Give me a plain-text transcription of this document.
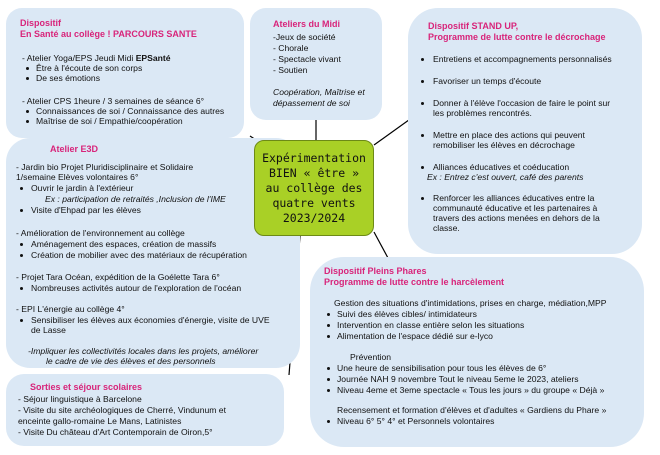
Dispositif
En Santé au collège ! PARCOURS SANTE
- Atelier Yoga/EPS Jeudi Midi EPSanté
Être à l'écoute de son corps
De ses émotions
- Atelier CPS 1heure / 3 semaines de séance 6°
Connaissances de soi / Connaissance des autres
Maîtrise de soi / Empathie/coopération
Ateliers du Midi
-Jeux de société
- Chorale
- Spectacle vivant
- Soutien
Coopération, Maîtrise et
dépassement de soi
Dispositif STAND UP,
Programme de lutte contre le décrochage
Entretiens et accompagnements personnalisés
Favoriser un temps d'écoute
Donner à l'élève l'occasion de faire le point sur
les problèmes rencontrés.
Mettre en place des actions qui peuvent
remobiliser les élèves en décrochage
Alliances éducatives et coéducation
Ex : Entrez c'est ouvert, café des parents
Renforcer les alliances éducatives entre la
communauté éducative et les partenaires à
travers des actions menées en dehors de la
classe.
Atelier E3D
- Jardin bio Projet Pluridisciplinaire et Solidaire
1/semaine Elèves volontaires 6°
Ouvrir le jardin à l'extérieur
Ex : participation de retraités ,Inclusion de l'IME
Visite d'Ehpad par les élèves
- Amélioration de l'environnement au collège
Aménagement des espaces, création de massifs
Création de mobilier avec des matériaux de récupération
- Projet Tara Océan, expédition de la Goélette Tara 6°
Nombreuses activités autour de l'exploration de l'océan
- EPI L'énergie au collège 4°
Sensibiliser les élèves aux économies d'énergie, visite de UVE
de Lasse
-Impliquer les collectivités locales dans les projets, améliorer
le cadre de vie des élèves et des personnels
Sorties et séjour scolaires
- Séjour linguistique à Barcelone
- Visite du site archéologiques de Cherré, Vindunum et
enceinte gallo-romaine Le Mans, Latinistes
- Visite Du château d'Art Contemporain de Oiron,5°
Dispositif Pleins Phares
Programme de lutte contre le harcèlement
Gestion des situations d'intimidations, prises en charge, médiation,MPP
Suivi des élèves cibles/ intimidateurs
Intervention en classe entière selon les situations
Alimentation de l'espace dédié sur e-lyco
Prévention
Une heure de sensibilisation pour tous les élèves de 6°
Journée NAH 9 novembre Tout le niveau 5eme le 2023, ateliers
Niveau 4eme et 3eme spectacle « Tous les jours » du groupe « Déjà »
Recensement et formation d'élèves et d'adultes « Gardiens du Phare »
Niveau 6° 5° 4° et Personnels volontaires
Expérimentation
BIEN « être »
au collège des
quatre vents
2023/2024
